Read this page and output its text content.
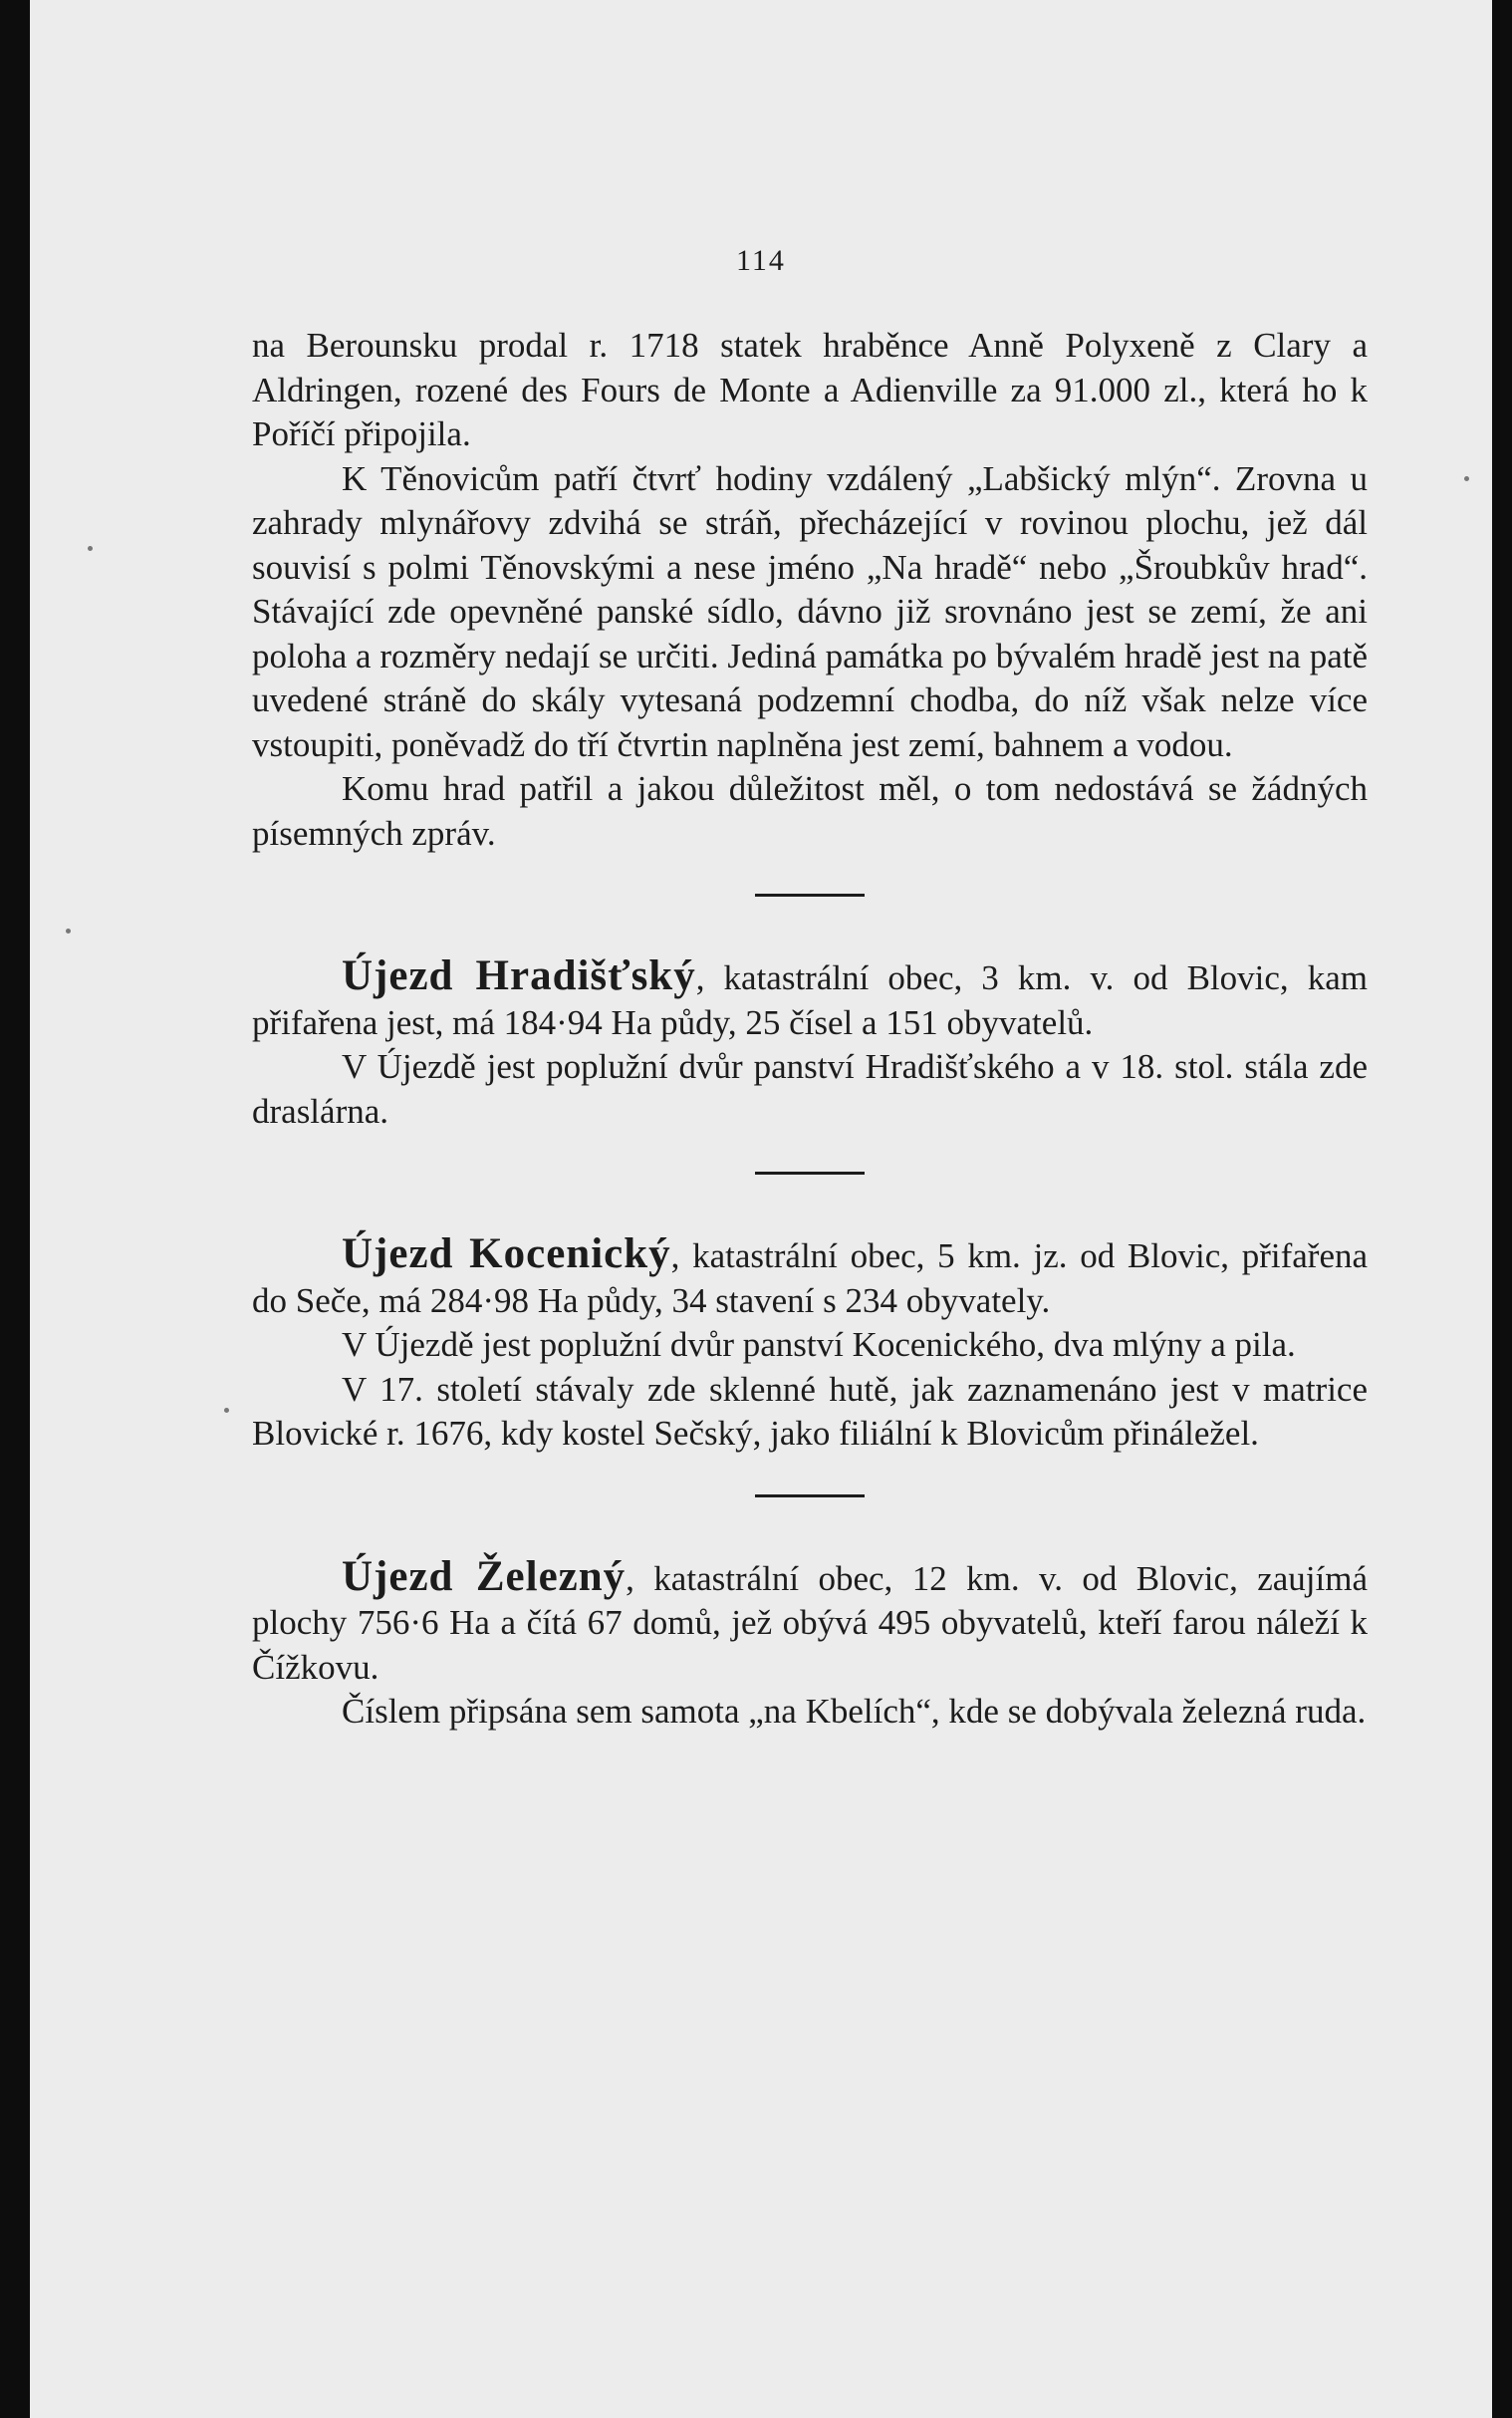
114

na Berounsku prodal r. 1718 statek hraběnce Anně Polyxeně z Clary a Aldringen, rozené des Fours de Monte a Adienville za 91.000 zl., která ho k Poříčí připojila.

K Těnovicům patří čtvrť hodiny vzdálený „Labšický mlýn“. Zrovna u zahrady mlynářovy zdvihá se stráň, přecházející v rovinou plochu, jež dál souvisí s polmi Těnovskými a nese jméno „Na hradě“ nebo „Šroubkův hrad“. Stávající zde opevněné panské sídlo, dávno již srovnáno jest se zemí, že ani poloha a rozměry nedají se určiti. Jediná památka po bývalém hradě jest na patě uvedené stráně do skály vytesaná podzemní chodba, do níž však nelze více vstoupiti, poněvadž do tří čtvrtin naplněna jest zemí, bahnem a vodou.

Komu hrad patřil a jakou důležitost měl, o tom nedostává se žádných písemných zpráv.

Újezd Hradišťský, katastrální obec, 3 km. v. od Blovic, kam přifařena jest, má 184·94 Ha půdy, 25 čísel a 151 obyvatelů.

V Újezdě jest poplužní dvůr panství Hradišťského a v 18. stol. stála zde draslárna.

Újezd Kocenický, katastrální obec, 5 km. jz. od Blovic, přifařena do Seče, má 284·98 Ha půdy, 34 stavení s 234 obyvately.

V Újezdě jest poplužní dvůr panství Kocenického, dva mlýny a pila.

V 17. století stávaly zde sklenné hutě, jak zaznamenáno jest v matrice Blovické r. 1676, kdy kostel Sečský, jako filiální k Blovicům přináležel.

Újezd Železný, katastrální obec, 12 km. v. od Blovic, zaujímá plochy 756·6 Ha a čítá 67 domů, jež obývá 495 obyvatelů, kteří farou náleží k Čížkovu.

Číslem připsána sem samota „na Kbelích“, kde se dobývala železná ruda.
